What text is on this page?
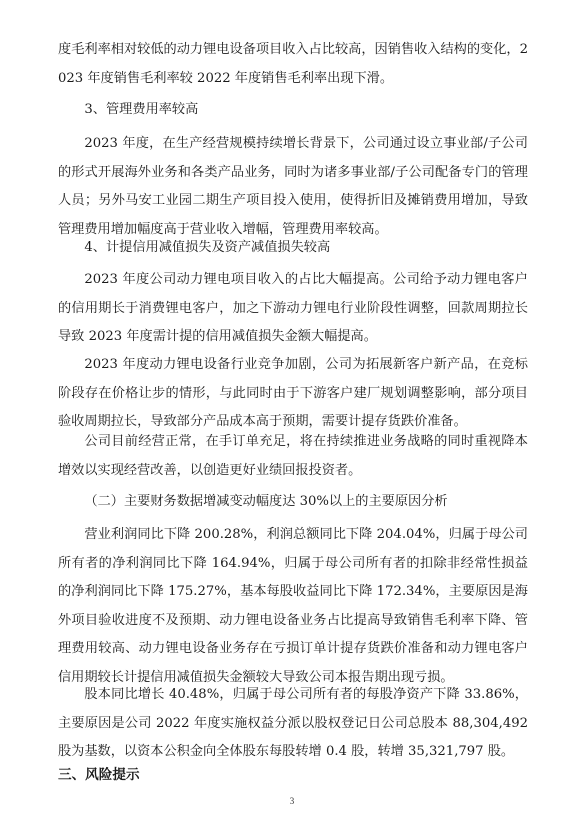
度毛利率相对较低的动力锂电设备项目收入占比较高，因销售收入结构的变化，2023 年度销售毛利率较 2022 年度销售毛利率出现下滑。

3、管理费用率较高

2023 年度，在生产经营规模持续增长背景下，公司通过设立事业部/子公司的形式开展海外业务和各类产品业务，同时为诸多事业部/子公司配备专门的管理人员；另外马安工业园二期生产项目投入使用，使得折旧及摊销费用增加，导致管理费用增加幅度高于营业收入增幅，管理费用率较高。

4、计提信用减值损失及资产减值损失较高

2023 年度公司动力锂电项目收入的占比大幅提高。公司给予动力锂电客户的信用期长于消费锂电客户，加之下游动力锂电行业阶段性调整，回款周期拉长导致 2023 年度需计提的信用减值损失金额大幅提高。

2023 年度动力锂电设备行业竞争加剧，公司为拓展新客户新产品，在竞标阶段存在价格让步的情形，与此同时由于下游客户建厂规划调整影响，部分项目验收周期拉长，导致部分产品成本高于预期，需要计提存货跌价准备。

公司目前经营正常，在手订单充足，将在持续推进业务战略的同时重视降本增效以实现经营改善，以创造更好业绩回报投资者。

（二）主要财务数据增减变动幅度达 30%以上的主要原因分析

营业利润同比下降 200.28%，利润总额同比下降 204.04%，归属于母公司所有者的净利润同比下降 164.94%，归属于母公司所有者的扣除非经常性损益的净利润同比下降 175.27%，基本每股收益同比下降 172.34%，主要原因是海外项目验收进度不及预期、动力锂电设备业务占比提高导致销售毛利率下降、管理费用较高、动力锂电设备业务存在亏损订单计提存货跌价准备和动力锂电客户信用期较长计提信用减值损失金额较大导致公司本报告期出现亏损。

股本同比增长 40.48%，归属于母公司所有者的每股净资产下降 33.86%，主要原因是公司 2022 年度实施权益分派以股权登记日公司总股本 88,304,492 股为基数，以资本公积金向全体股东每股转增 0.4 股，转增 35,321,797 股。

三、风险提示

3
